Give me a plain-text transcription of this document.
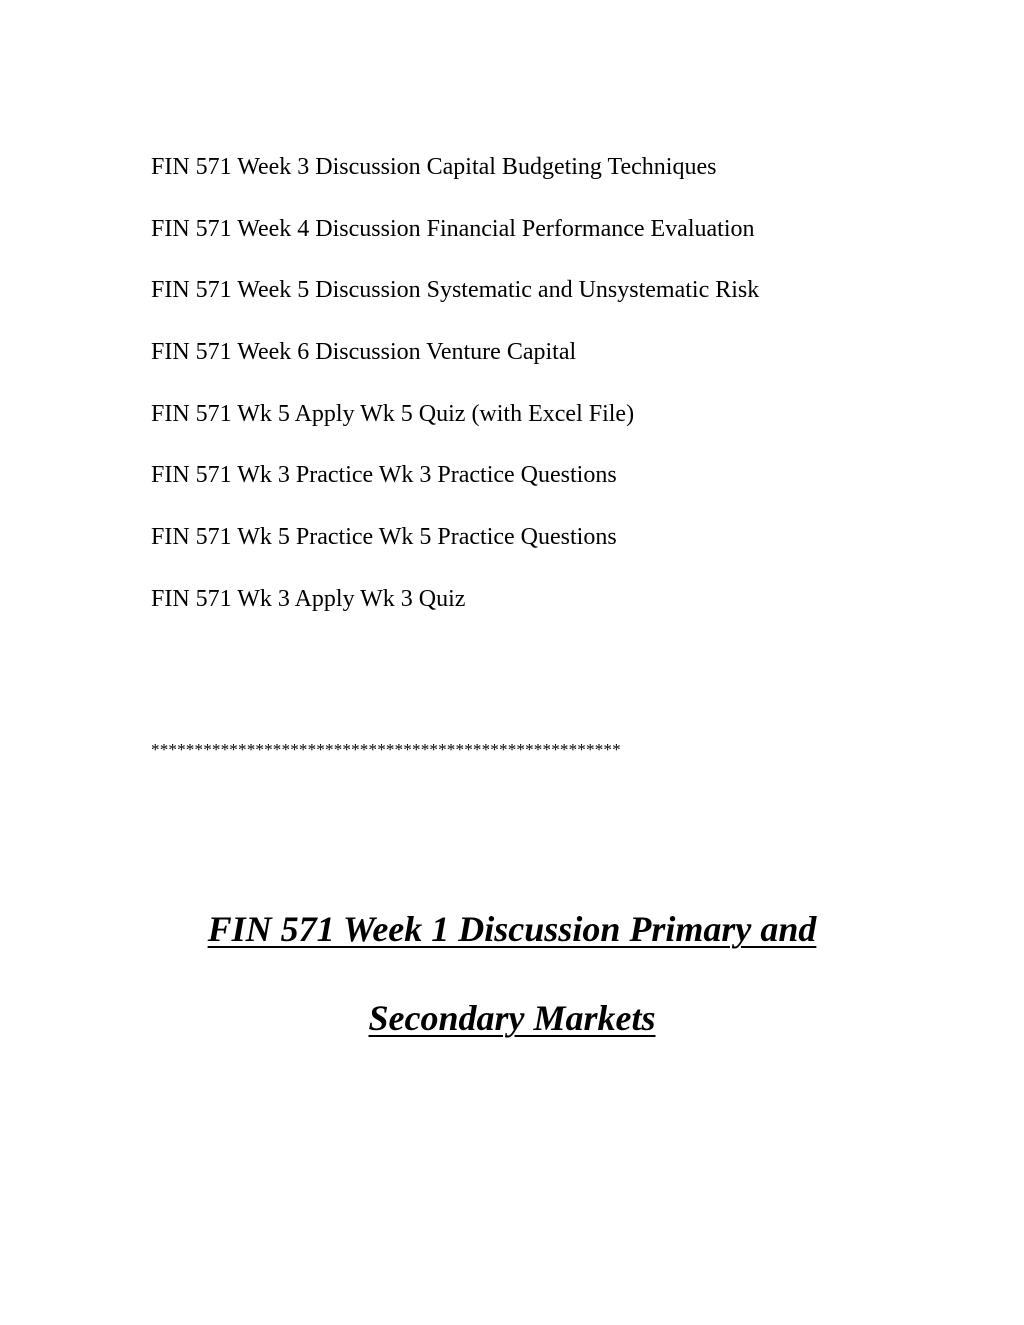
FIN 571 Week 3 Discussion Capital Budgeting Techniques
FIN 571 Week 4 Discussion Financial Performance Evaluation
FIN 571 Week 5 Discussion Systematic and Unsystematic Risk
FIN 571 Week 6 Discussion Venture Capital
FIN 571 Wk 5 Apply Wk 5 Quiz (with Excel File)
FIN 571 Wk 3 Practice Wk 3 Practice Questions
FIN 571 Wk 5 Practice Wk 5 Practice Questions
FIN 571 Wk 3 Apply Wk 3 Quiz
******************************************************
FIN 571 Week 1 Discussion Primary and
Secondary Markets
